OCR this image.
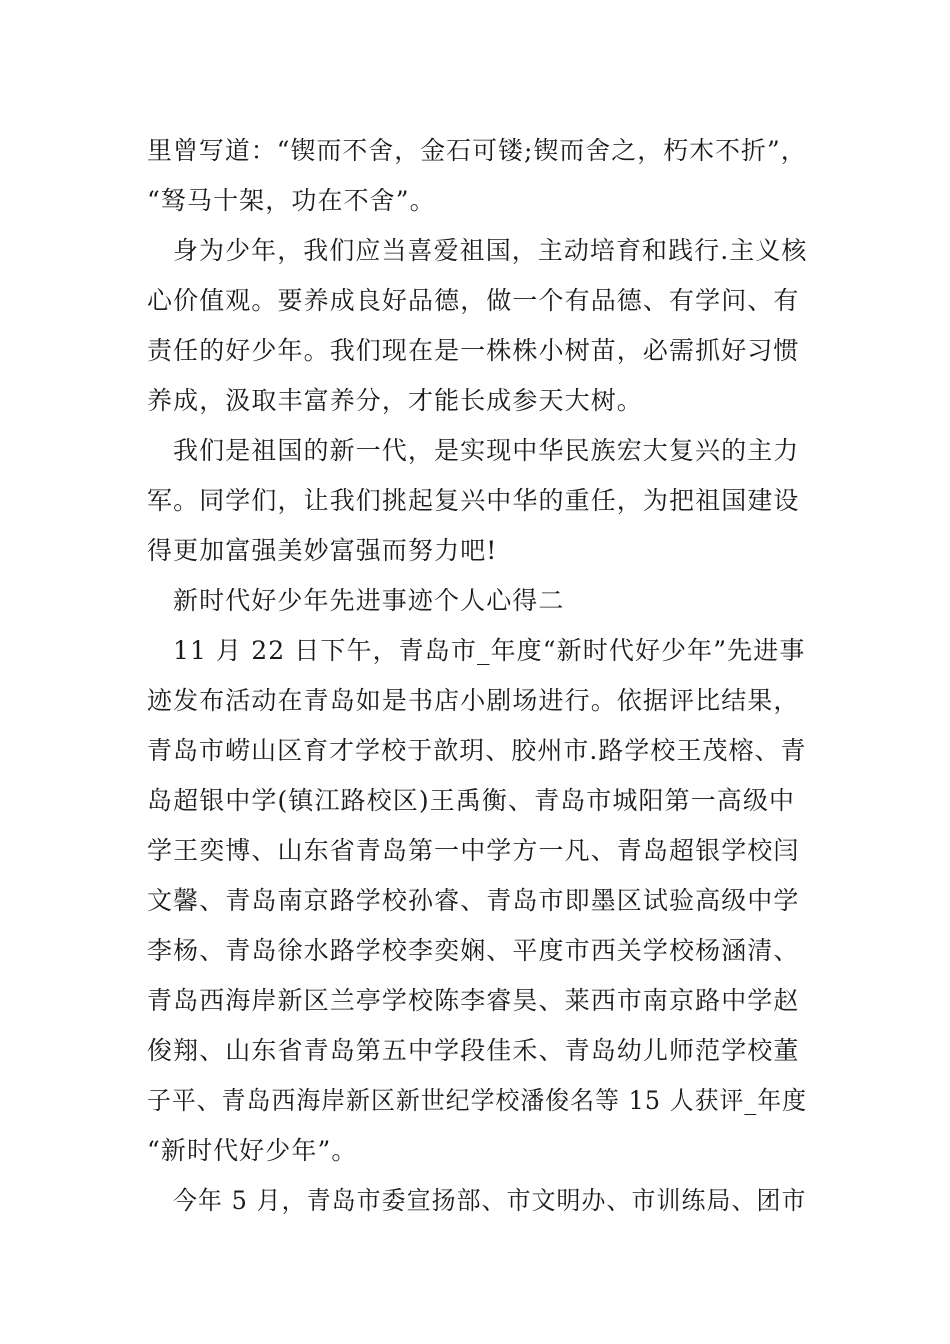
里曾写道：“锲而不舍，金石可镂;锲而舍之，朽木不折”，
“驽马十架，功在不舍”。
身为少年，我们应当喜爱祖国，主动培育和践行.主义核
心价值观。要养成良好品德，做一个有品德、有学问、有
责任的好少年。我们现在是一株株小树苗，必需抓好习惯
养成，汲取丰富养分，才能长成参天大树。
我们是祖国的新一代，是实现中华民族宏大复兴的主力
军。同学们，让我们挑起复兴中华的重任，为把祖国建设
得更加富强美妙富强而努力吧!
新时代好少年先进事迹个人心得二
11 月 22 日下午，青岛市_年度“新时代好少年”先进事
迹发布活动在青岛如是书店小剧场进行。依据评比结果，
青岛市崂山区育才学校于歆玥、胶州市.路学校王茂榕、青
岛超银中学(镇江路校区)王禹衡、青岛市城阳第一高级中
学王奕博、山东省青岛第一中学方一凡、青岛超银学校闫
文馨、青岛南京路学校孙睿、青岛市即墨区试验高级中学
李杨、青岛徐水路学校李奕娴、平度市西关学校杨涵清、
青岛西海岸新区兰亭学校陈李睿昊、莱西市南京路中学赵
俊翔、山东省青岛第五中学段佳禾、青岛幼儿师范学校董
子平、青岛西海岸新区新世纪学校潘俊名等 15 人获评_年度
“新时代好少年”。
今年 5 月，青岛市委宣扬部、市文明办、市训练局、团市
